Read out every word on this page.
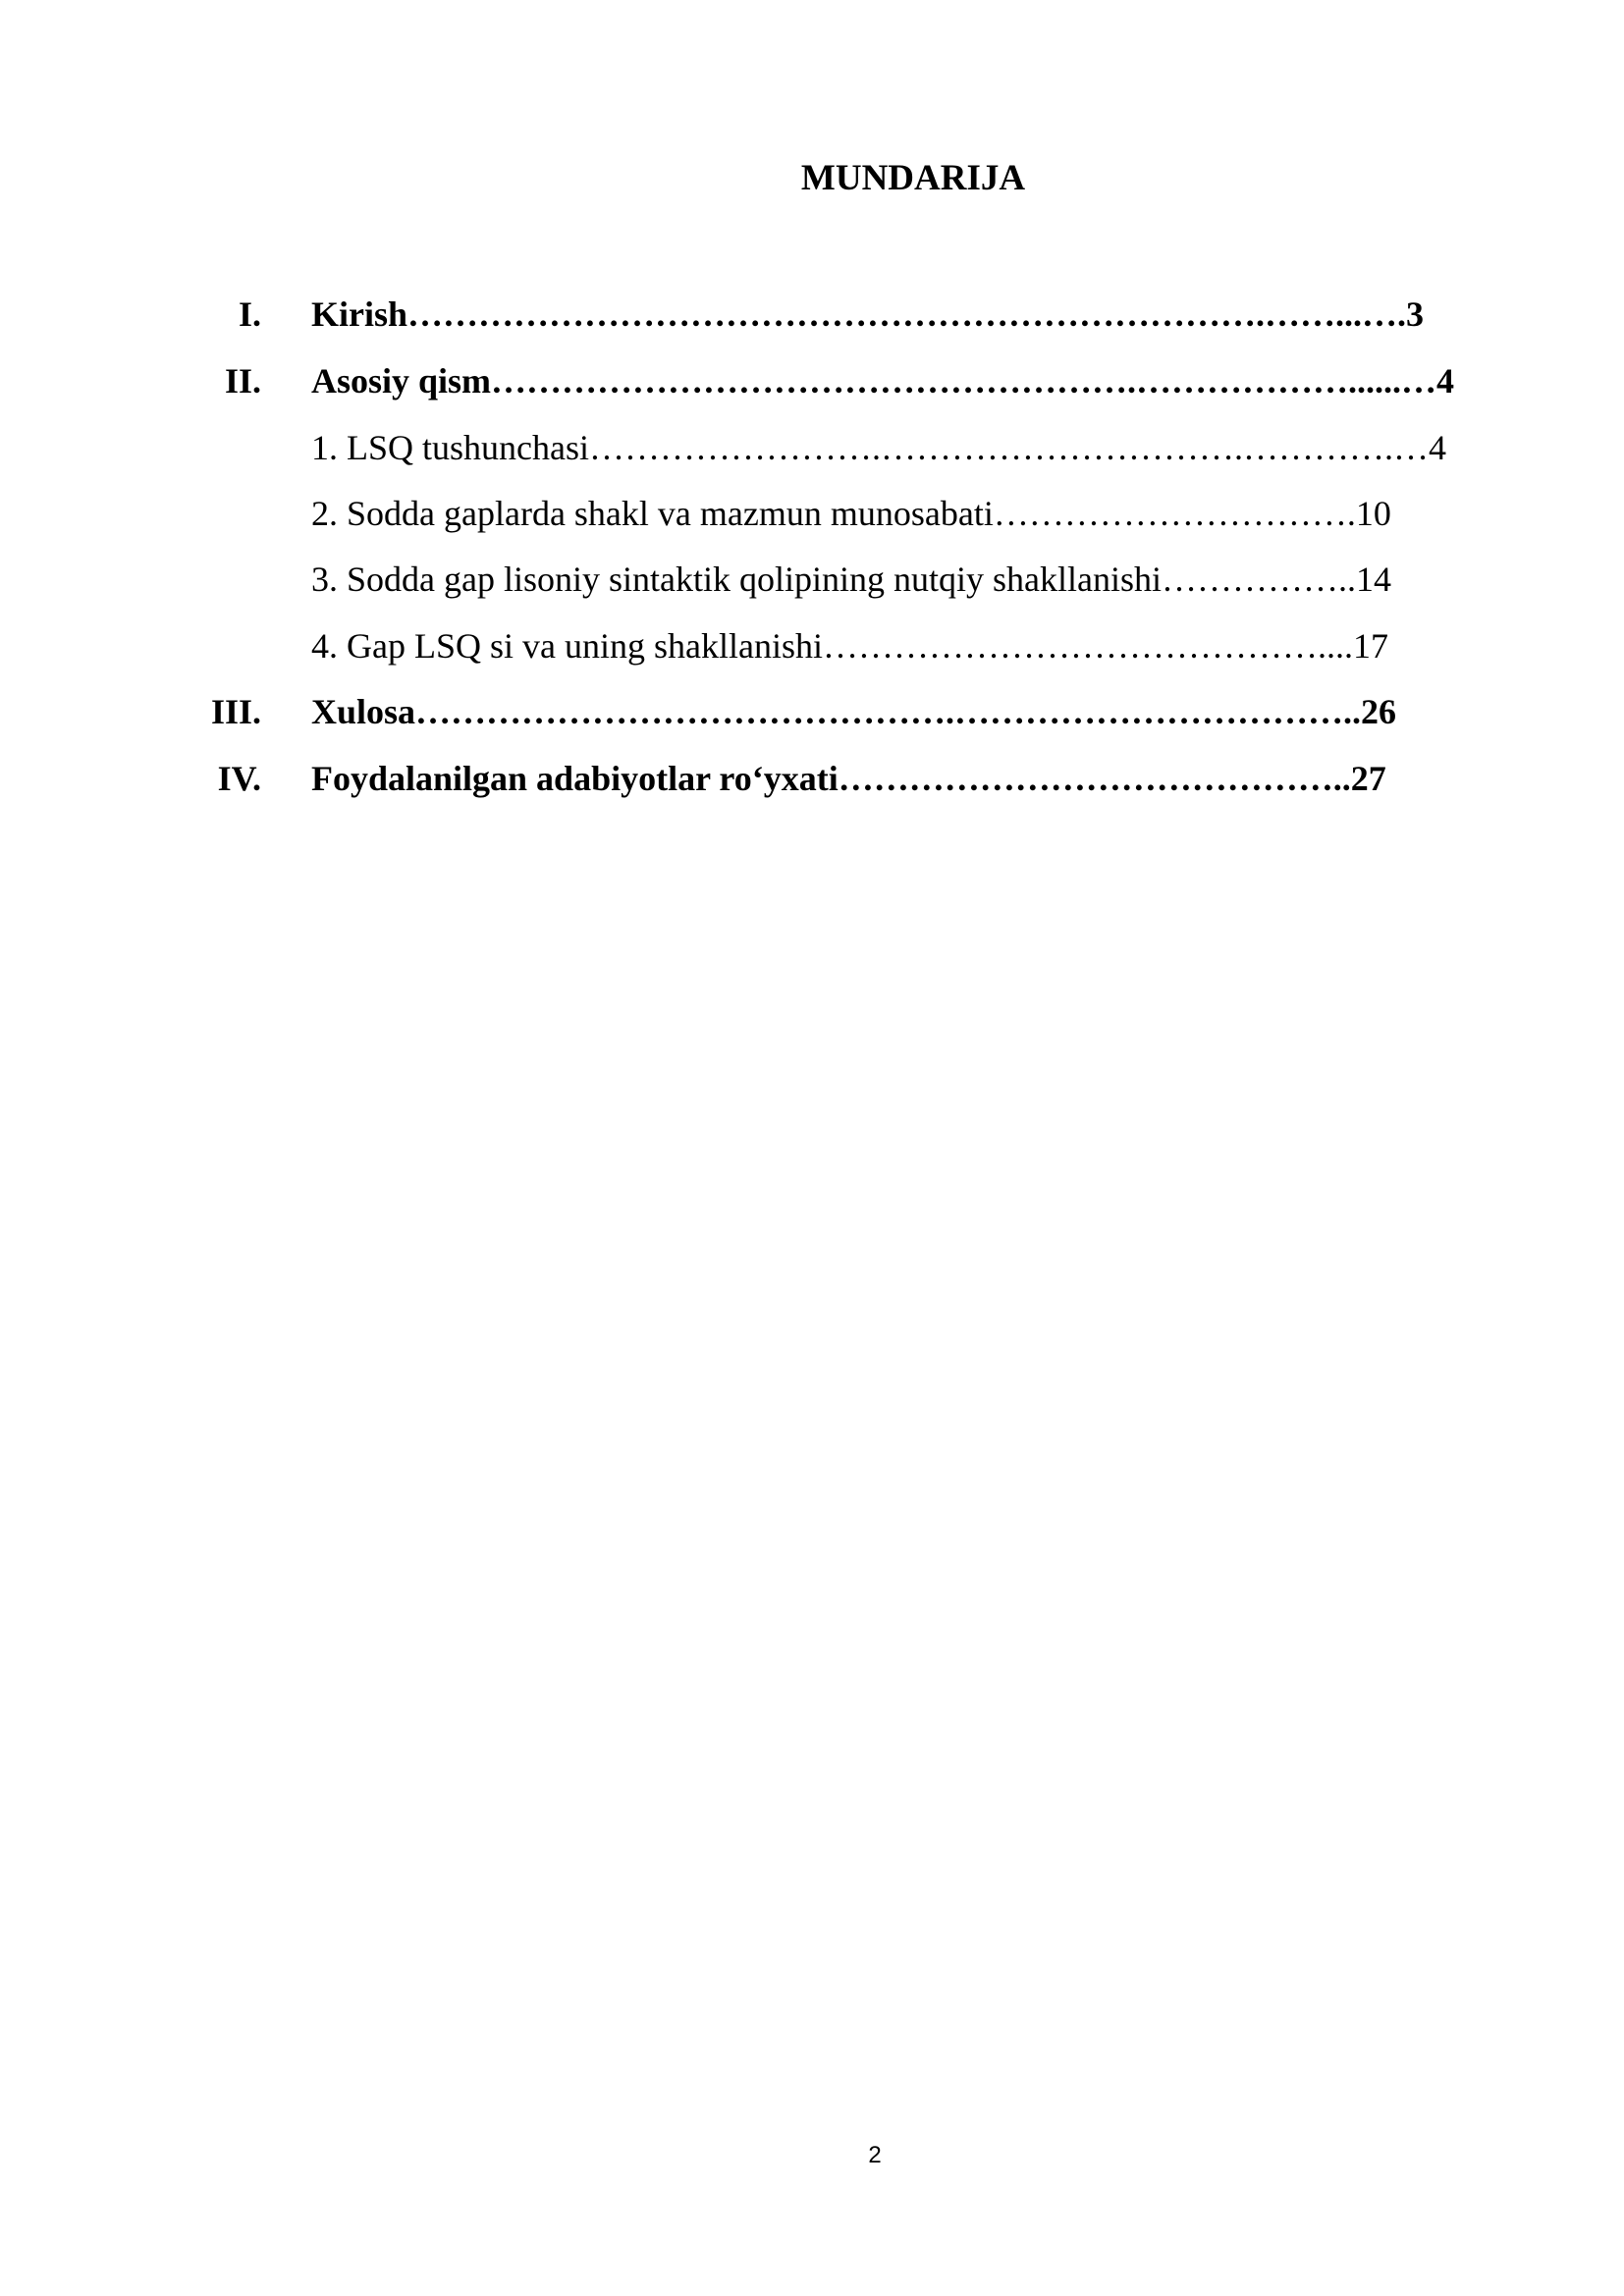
MUNDARIJA
I. Kirish……………………………………………………………….……...….3
II. Asosiy qism……………………………………………….………………......…4
1. LSQ tushunchasi…………………….………………………….………….…4
2. Sodda gaplarda shakl va mazmun munosabati………………………….10
3. Sodda gap lisoniy sintaktik qolipining nutqiy shakllanishi……………..14
4. Gap LSQ si va uning shakllanishi……………………………………....17
III. Xulosa……………………………………….……………………………..26
IV. Foydalanilgan adabiyotlar ro‘yxati……………………………………..27
2
